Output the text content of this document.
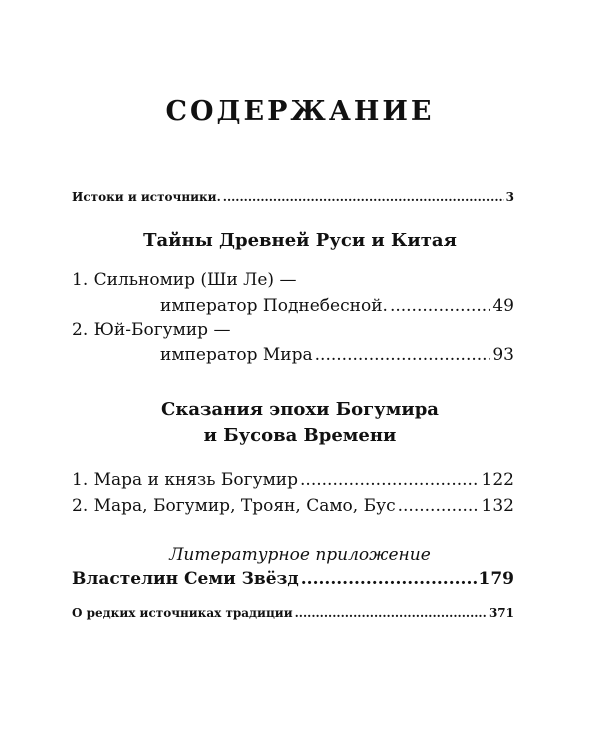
СОДЕРЖАНИЕ
Истоки и источники. .....	3
Тайны Древней Руси и Китая
1. Сильномир (Ши Ле) —
император Поднебесной. .....	49
2. Юй-Богумир —
император Мира .....	93
Сказания эпохи Богумира
и Бусова Времени
1. Мара и князь Богумир .....	122
2. Мара, Богумир, Троян, Само, Бус .....	132
Литературное приложение
Властелин Семи Звёзд .....	179
О редких источниках традиции .....	371
